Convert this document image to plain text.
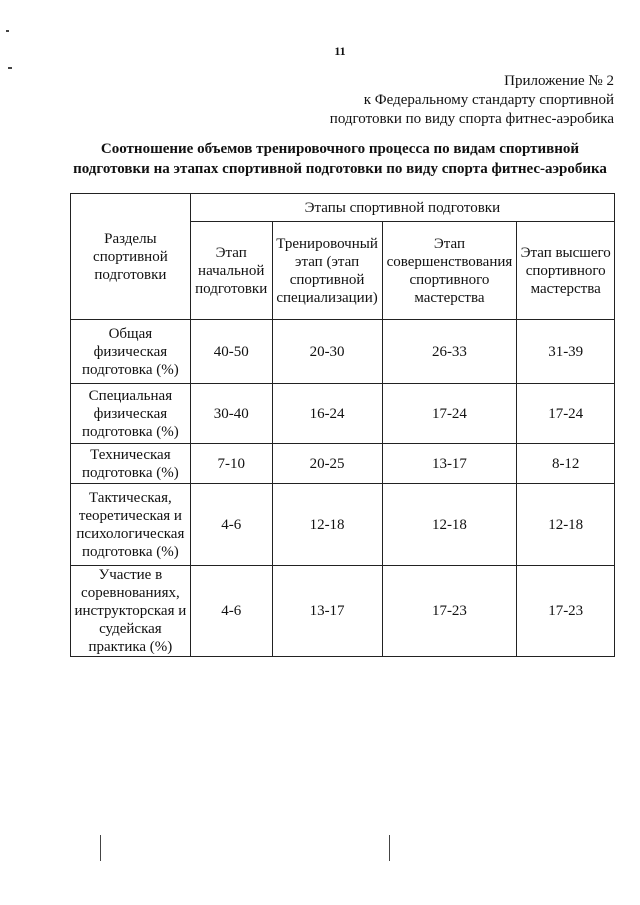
11
Приложение № 2
к Федеральному стандарту спортивной
подготовки по виду спорта фитнес-аэробика
Соотношение объемов тренировочного процесса по видам спортивной
подготовки на этапах спортивной подготовки по виду спорта фитнес-аэробика
Разделы спортивной подготовки	Этапы спортивной подготовки			
	Этап начальной подготовки	Тренировочный этап (этап спортивной специализации)	Этап совершенствования спортивного мастерства	Этап высшего спортивного мастерства
Общая физическая подготовка (%)	40-50	20-30	26-33	31-39
Специальная физическая подготовка (%)	30-40	16-24	17-24	17-24
Техническая подготовка (%)	7-10	20-25	13-17	8-12
Тактическая, теоретическая и психологическая подготовка (%)	4-6	12-18	12-18	12-18
Участие в соревнованиях, инструкторская и судейская практика (%)	4-6	13-17	17-23	17-23
